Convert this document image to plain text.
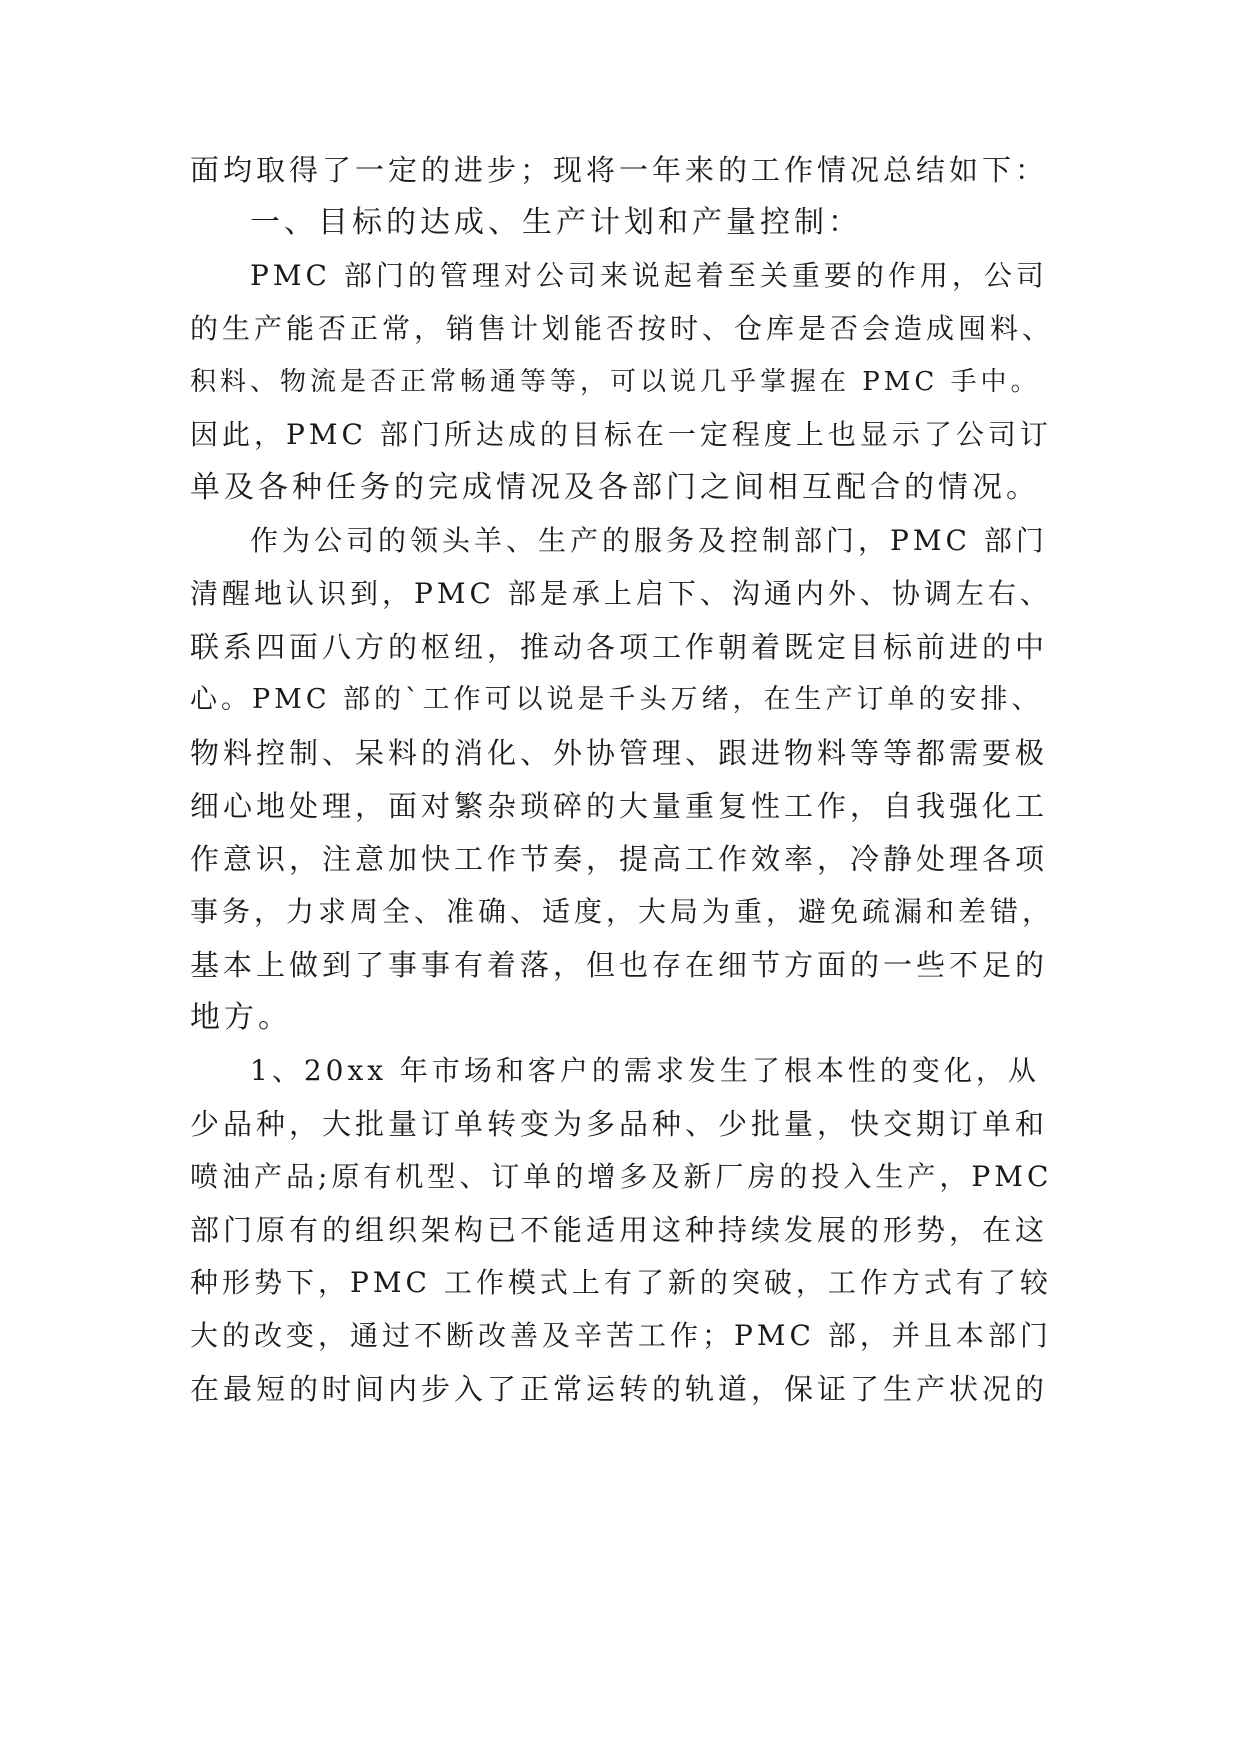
面均取得了一定的进步；现将一年来的工作情况总结如下：
一、目标的达成、生产计划和产量控制：
PMC 部门的管理对公司来说起着至关重要的作用，公司
的生产能否正常，销售计划能否按时、仓库是否会造成囤料、
积料、物流是否正常畅通等等，可以说几乎掌握在 PMC 手中。
因此，PMC 部门所达成的目标在一定程度上也显示了公司订
单及各种任务的完成情况及各部门之间相互配合的情况。
作为公司的领头羊、生产的服务及控制部门，PMC 部门
清醒地认识到，PMC 部是承上启下、沟通内外、协调左右、
联系四面八方的枢纽，推动各项工作朝着既定目标前进的中
心。PMC 部的`工作可以说是千头万绪，在生产订单的安排、
物料控制、呆料的消化、外协管理、跟进物料等等都需要极
细心地处理，面对繁杂琐碎的大量重复性工作，自我强化工
作意识，注意加快工作节奏，提高工作效率，冷静处理各项
事务，力求周全、准确、适度，大局为重，避免疏漏和差错，
基本上做到了事事有着落，但也存在细节方面的一些不足的
地方。
1、20xx 年市场和客户的需求发生了根本性的变化，从
少品种，大批量订单转变为多品种、少批量，快交期订单和
喷油产品;原有机型、订单的增多及新厂房的投入生产，PMC
部门原有的组织架构已不能适用这种持续发展的形势，在这
种形势下，PMC 工作模式上有了新的突破，工作方式有了较
大的改变，通过不断改善及辛苦工作；PMC 部，并且本部门
在最短的时间内步入了正常运转的轨道，保证了生产状况的
